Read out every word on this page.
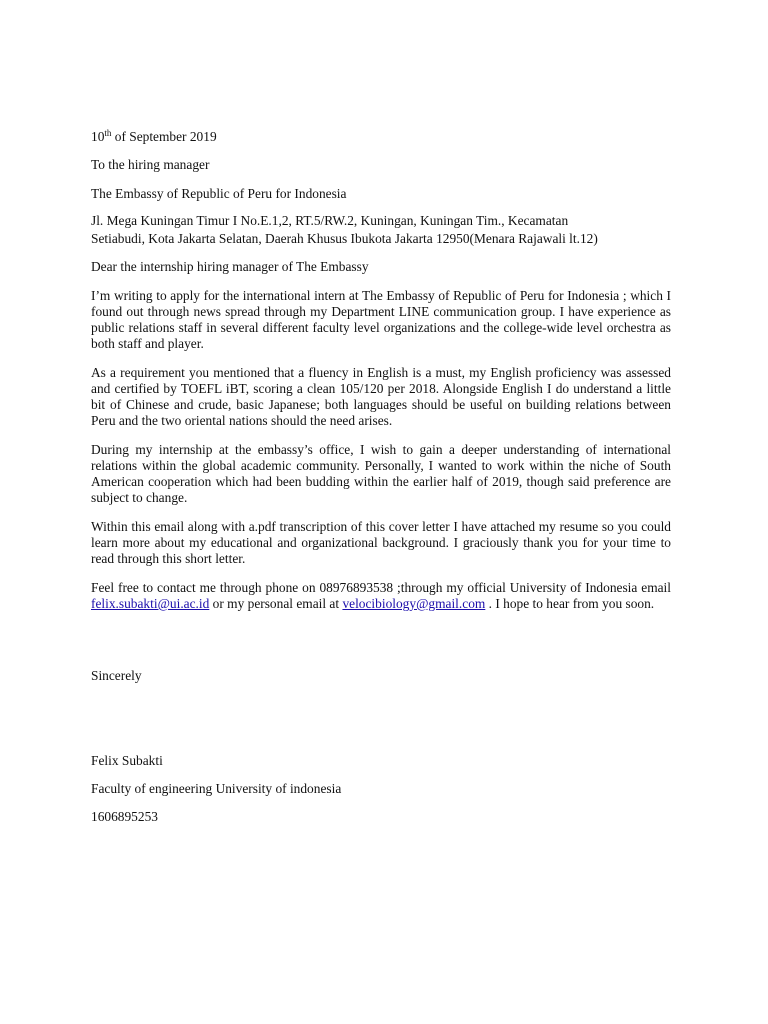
10th of September 2019

To the hiring manager

The Embassy of Republic of Peru for Indonesia

Jl. Mega Kuningan Timur I No.E.1,2, RT.5/RW.2, Kuningan, Kuningan Tim., Kecamatan

Setiabudi, Kota Jakarta Selatan, Daerah Khusus Ibukota Jakarta 12950(Menara Rajawali lt.12)

Dear the internship hiring manager of The Embassy

I’m writing to apply for the international intern at The Embassy of Republic of Peru for Indonesia ; which I found out through news spread through my Department LINE communication group. I have experience as public relations staff in several different faculty level organizations and the college-wide level orchestra as both staff and player.

As a requirement you mentioned that a fluency in English is a must, my English proficiency was assessed and certified by TOEFL iBT, scoring a clean 105/120 per 2018. Alongside English I do understand a little bit of Chinese and crude, basic Japanese; both languages should be useful on building relations between Peru and the two oriental nations should the need arises.

During my internship at the embassy’s office, I wish to gain a deeper understanding of international relations within the global academic community. Personally, I wanted to work within the niche of South American cooperation which had been budding within the earlier half of 2019, though said preference are subject to change.

Within this email along with a.pdf transcription of this cover letter I have attached my resume so you could learn more about my educational and organizational background. I graciously thank you for your time to read through this short letter.

Feel free to contact me through phone on 08976893538 ;through my official University of Indonesia email felix.subakti@ui.ac.id or my personal email at velocibiology@gmail.com . I hope to hear from you soon.

Sincerely

Felix Subakti

Faculty of engineering University of indonesia

1606895253
